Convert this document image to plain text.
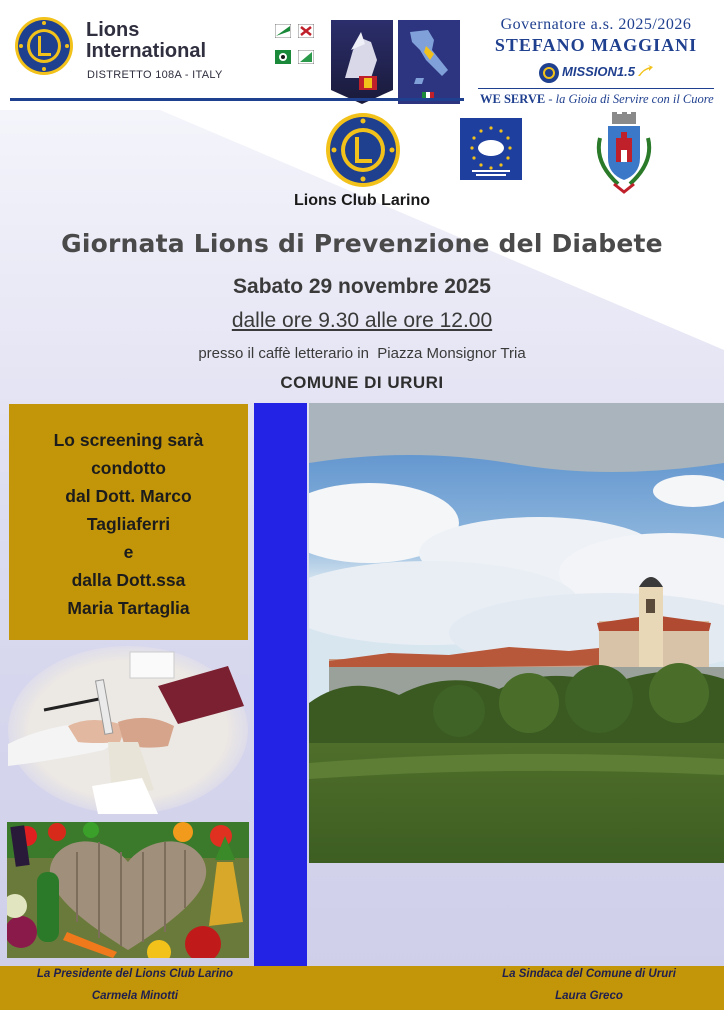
Lions
International
DISTRETTO 108A - ITALY
Governatore a.s. 2025/2026
STEFANO MAGGIANI
MISSION1.5
WE SERVE - la Gioia di Servire con il Cuore
Lions Club Larino
Giornata Lions di Prevenzione del Diabete
Sabato 29 novembre 2025
dalle ore 9.30 alle ore 12.00
presso il caffè letterario in  Piazza Monsignor Tria
COMUNE DI URURI
Lo screening sarà
condotto
dal Dott. Marco
Tagliaferri
e
dalla Dott.ssa
Maria Tartaglia
La Presidente del Lions Club Larino
Carmela Minotti
La Sindaca del Comune di Ururi
Laura Greco
